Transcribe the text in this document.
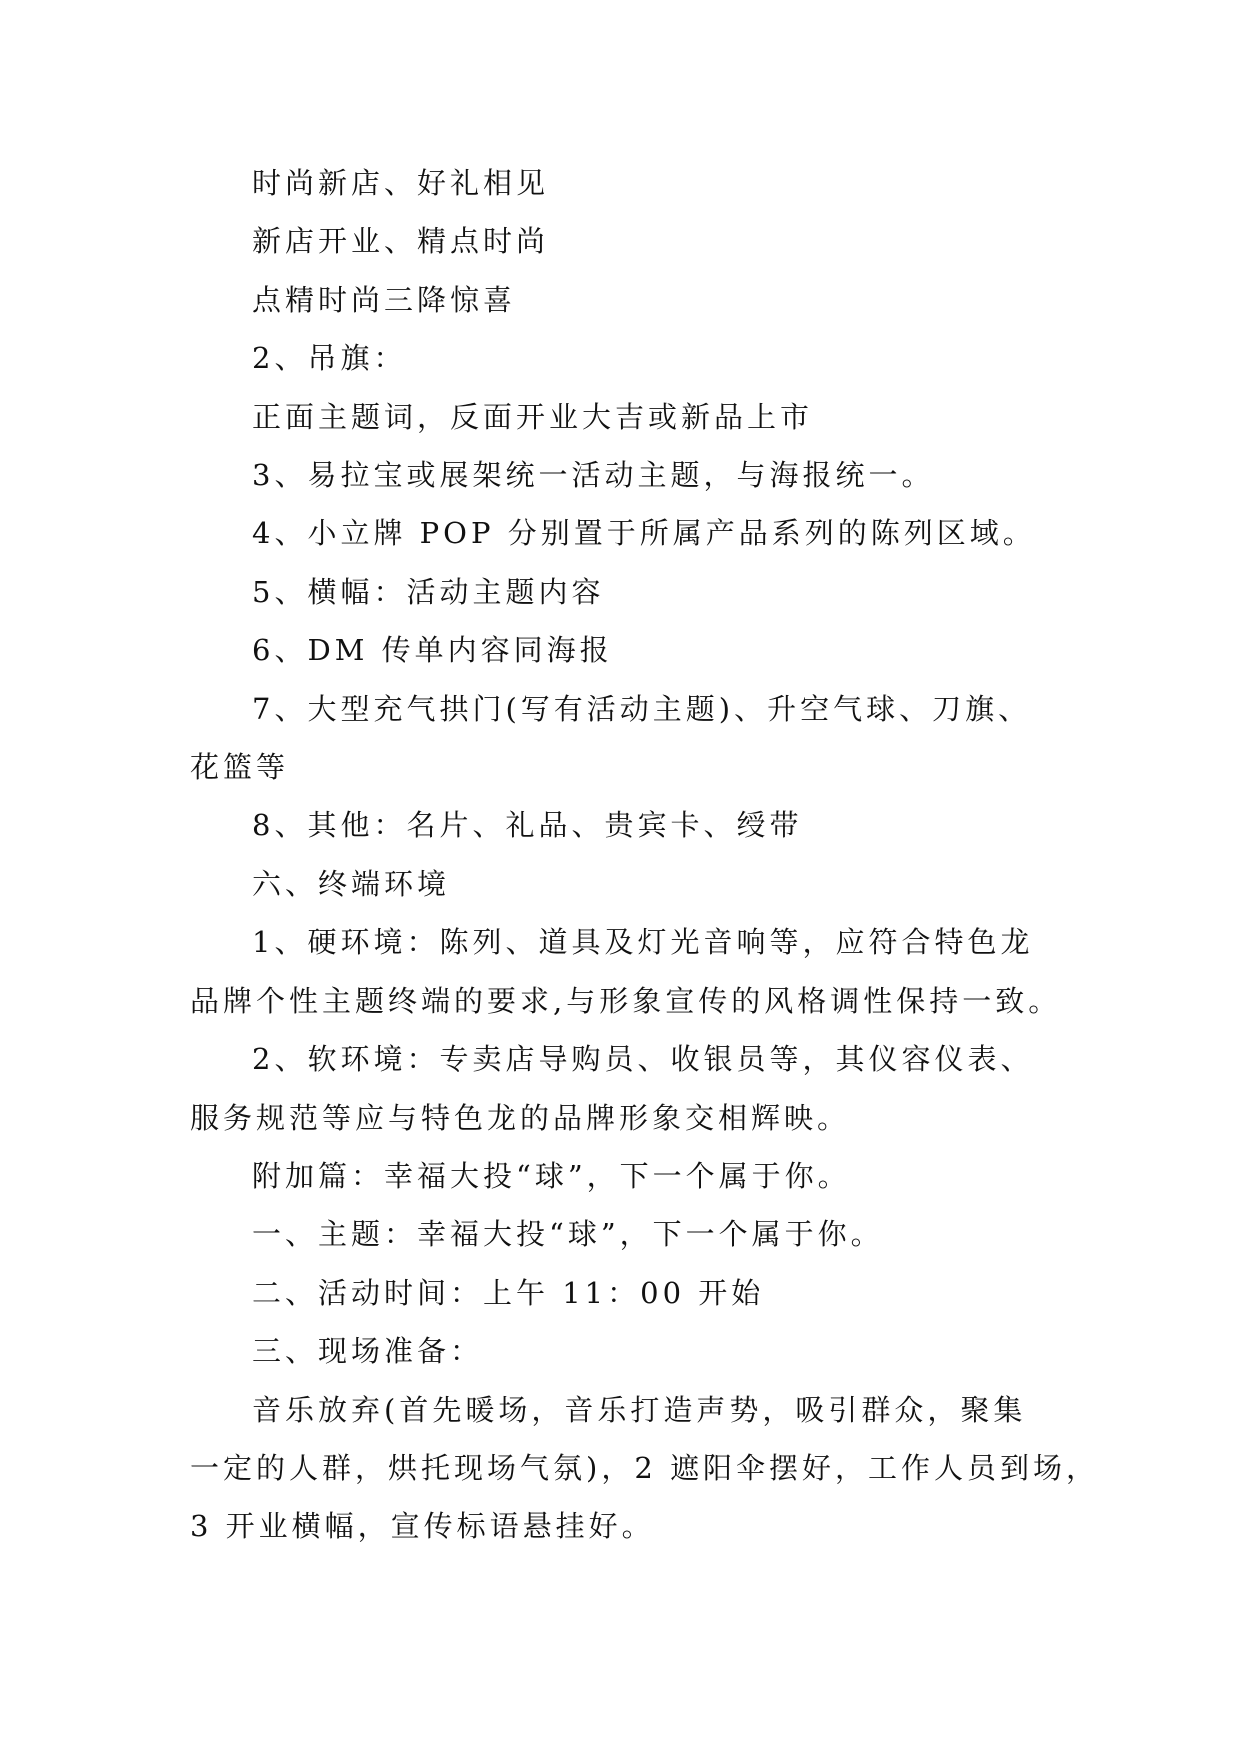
时尚新店、好礼相见

新店开业、精点时尚

点精时尚三降惊喜

2、吊旗：

正面主题词，反面开业大吉或新品上市

3、易拉宝或展架统一活动主题，与海报统一。

4、小立牌 POP 分别置于所属产品系列的陈列区域。

5、横幅：活动主题内容

6、DM 传单内容同海报

7、大型充气拱门(写有活动主题)、升空气球、刀旗、

花篮等

8、其他：名片、礼品、贵宾卡、绶带

六、终端环境

1、硬环境：陈列、道具及灯光音响等，应符合特色龙

品牌个性主题终端的要求,与形象宣传的风格调性保持一致。

2、软环境：专卖店导购员、收银员等，其仪容仪表、

服务规范等应与特色龙的品牌形象交相辉映。

附加篇：幸福大投“球”，下一个属于你。

一、主题：幸福大投“球”，下一个属于你。

二、活动时间：上午 11：00 开始

三、现场准备：

音乐放弃(首先暖场，音乐打造声势，吸引群众，聚集

一定的人群，烘托现场气氛)，2 遮阳伞摆好，工作人员到场，

3 开业横幅，宣传标语悬挂好。
